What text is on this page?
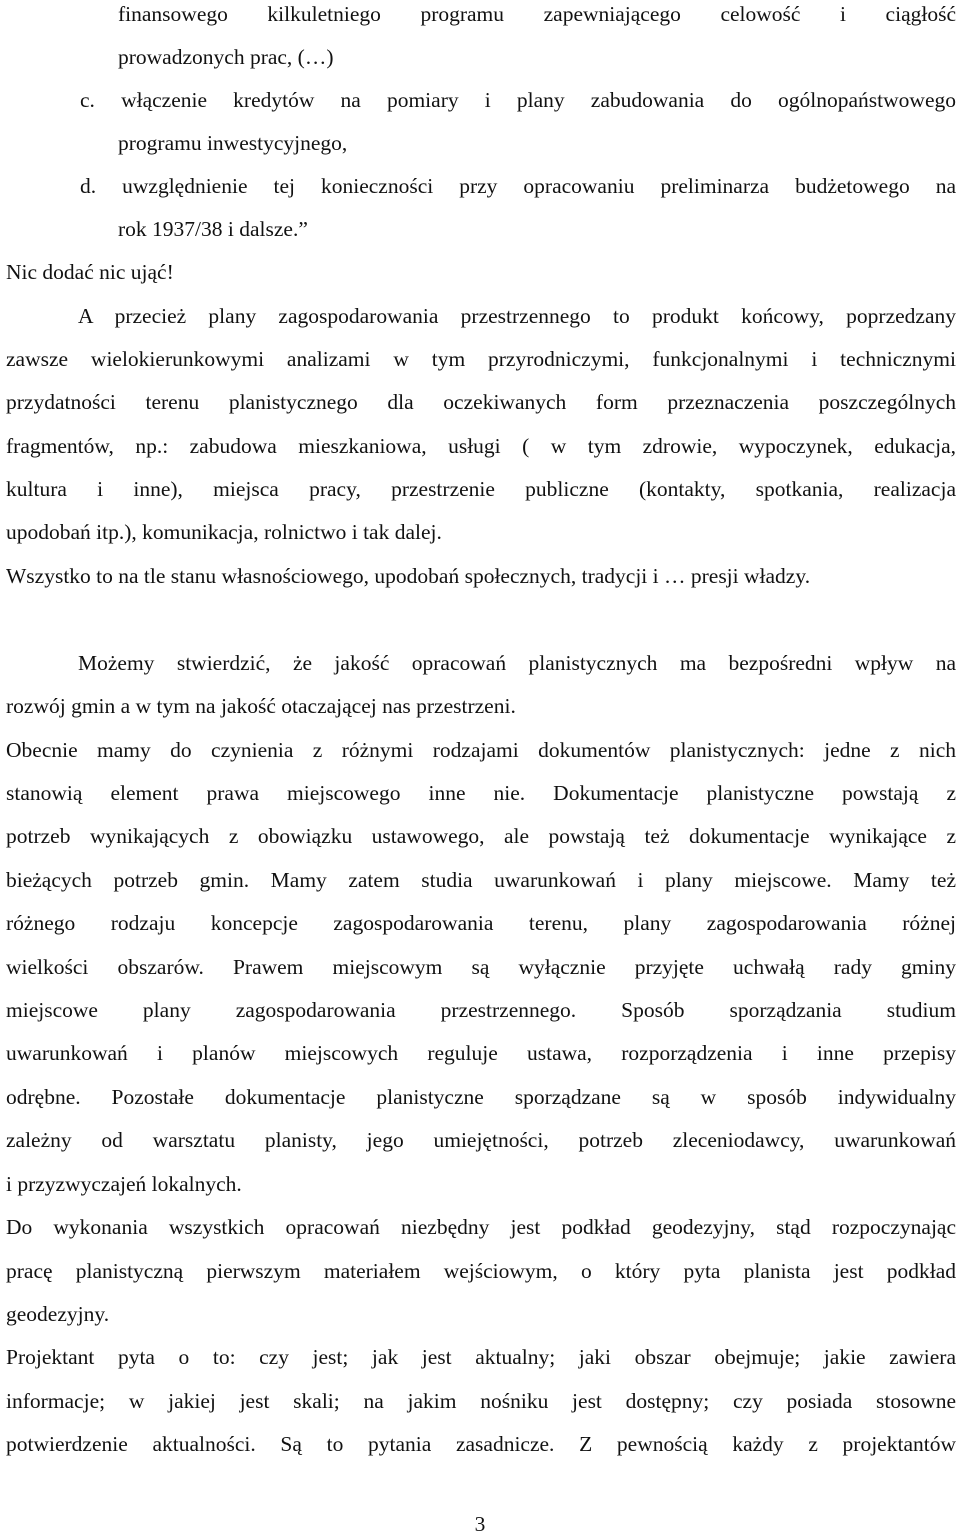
finansowego kilkuletniego programu zapewniającego celowość i ciągłość
prowadzonych prac, (…)
c. włączenie kredytów na pomiary i plany zabudowania do ogólnopaństwowego
programu inwestycyjnego,
d. uwzględnienie tej konieczności przy opracowaniu preliminarza budżetowego na
rok 1937/38 i dalsze.”
Nic dodać nic ująć!
A przecież plany zagospodarowania przestrzennego to produkt końcowy, poprzedzany
zawsze wielokierunkowymi analizami w tym przyrodniczymi, funkcjonalnymi i technicznymi
przydatności terenu planistycznego dla oczekiwanych form przeznaczenia poszczególnych
fragmentów, np.: zabudowa mieszkaniowa, usługi ( w tym zdrowie, wypoczynek, edukacja,
kultura i inne), miejsca pracy, przestrzenie publiczne (kontakty, spotkania, realizacja
upodobań itp.), komunikacja, rolnictwo i tak dalej.
Wszystko to na tle stanu własnościowego, upodobań społecznych, tradycji i … presji władzy.
Możemy stwierdzić, że jakość opracowań planistycznych ma bezpośredni wpływ na
rozwój gmin a w tym na jakość otaczającej nas przestrzeni.
Obecnie mamy do czynienia z różnymi rodzajami dokumentów planistycznych: jedne z nich
stanowią element prawa miejscowego inne nie. Dokumentacje planistyczne powstają z
potrzeb wynikających z obowiązku ustawowego, ale powstają też dokumentacje wynikające z
bieżących potrzeb gmin. Mamy zatem studia uwarunkowań i plany miejscowe. Mamy też
różnego rodzaju koncepcje zagospodarowania terenu, plany zagospodarowania różnej
wielkości obszarów. Prawem miejscowym są wyłącznie przyjęte uchwałą rady gminy
miejscowe plany zagospodarowania przestrzennego. Sposób sporządzania studium
uwarunkowań i planów miejscowych reguluje ustawa, rozporządzenia i inne przepisy
odrębne. Pozostałe dokumentacje planistyczne sporządzane są w sposób indywidualny
zależny od warsztatu planisty, jego umiejętności, potrzeb zleceniodawcy, uwarunkowań
i przyzwyczajeń lokalnych.
Do wykonania wszystkich opracowań niezbędny jest podkład geodezyjny, stąd rozpoczynając
pracę planistyczną pierwszym materiałem wejściowym, o który pyta planista jest podkład
geodezyjny.
Projektant pyta o to: czy jest; jak jest aktualny; jaki obszar obejmuje; jakie zawiera
informacje; w jakiej jest skali; na jakim nośniku jest dostępny; czy posiada stosowne
potwierdzenie aktualności. Są to pytania zasadnicze. Z pewnością każdy z projektantów
3
